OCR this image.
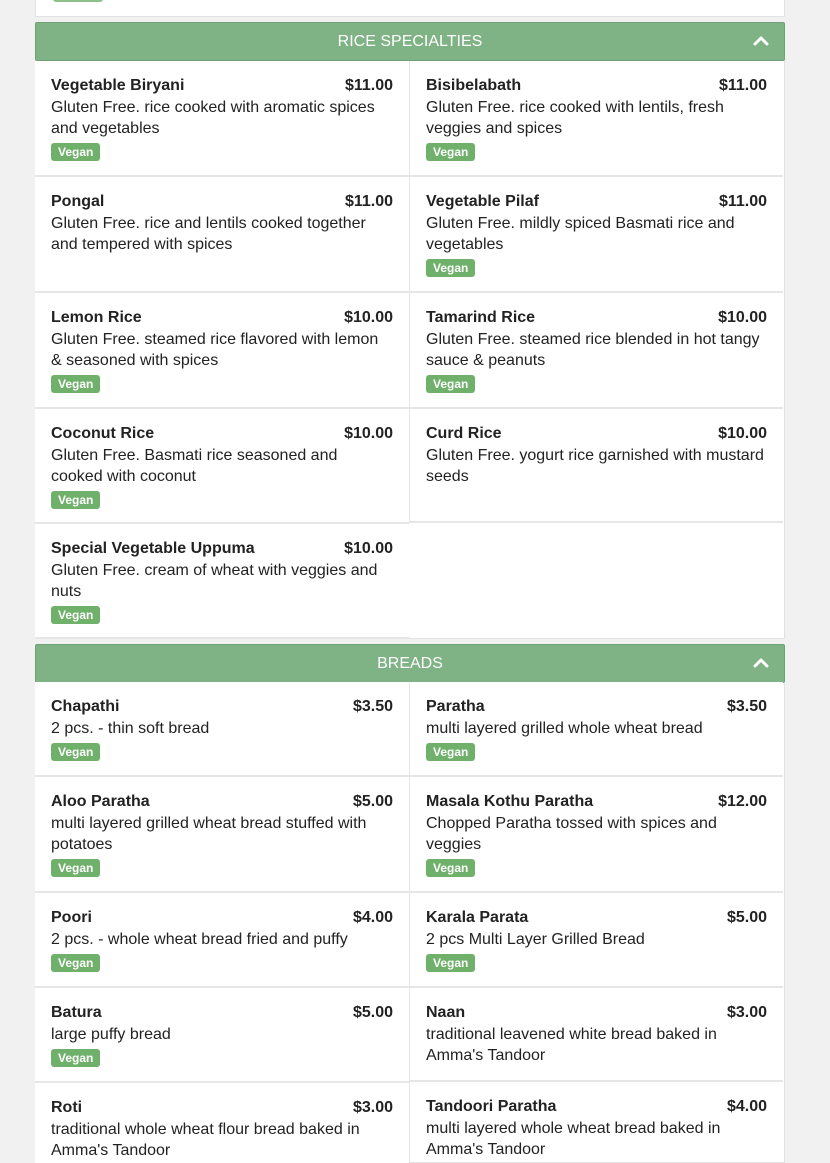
RICE SPECIALTIES
Vegetable Biryani	$11.00
Gluten Free. rice cooked with aromatic spices and vegetables
Vegan
Bisibelabath	$11.00
Gluten Free. rice cooked with lentils, fresh veggies and spices
Vegan
Pongal	$11.00
Gluten Free. rice and lentils cooked together and tempered with spices
Vegetable Pilaf	$11.00
Gluten Free. mildly spiced Basmati rice and vegetables
Vegan
Lemon Rice	$10.00
Gluten Free. steamed rice flavored with lemon & seasoned with spices
Vegan
Tamarind Rice	$10.00
Gluten Free. steamed rice blended in hot tangy sauce & peanuts
Vegan
Coconut Rice	$10.00
Gluten Free. Basmati rice seasoned and cooked with coconut
Vegan
Curd Rice	$10.00
Gluten Free. yogurt rice garnished with mustard seeds
Special Vegetable Uppuma	$10.00
Gluten Free. cream of wheat with veggies and nuts
Vegan
BREADS
Chapathi	$3.50
2 pcs. - thin soft bread
Vegan
Paratha	$3.50
multi layered grilled whole wheat bread
Vegan
Aloo Paratha	$5.00
multi layered grilled wheat bread stuffed with potatoes
Vegan
Masala Kothu Paratha	$12.00
Chopped Paratha tossed with spices and veggies
Vegan
Poori	$4.00
2 pcs. - whole wheat bread fried and puffy
Vegan
Karala Parata	$5.00
2 pcs Multi Layer Grilled Bread
Vegan
Batura	$5.00
large puffy bread
Vegan
Naan	$3.00
traditional leavened white bread baked in Amma's Tandoor
Roti	$3.00
traditional whole wheat flour bread baked in Amma's Tandoor
Tandoori Paratha	$4.00
multi layered whole wheat bread baked in Amma's Tandoor
